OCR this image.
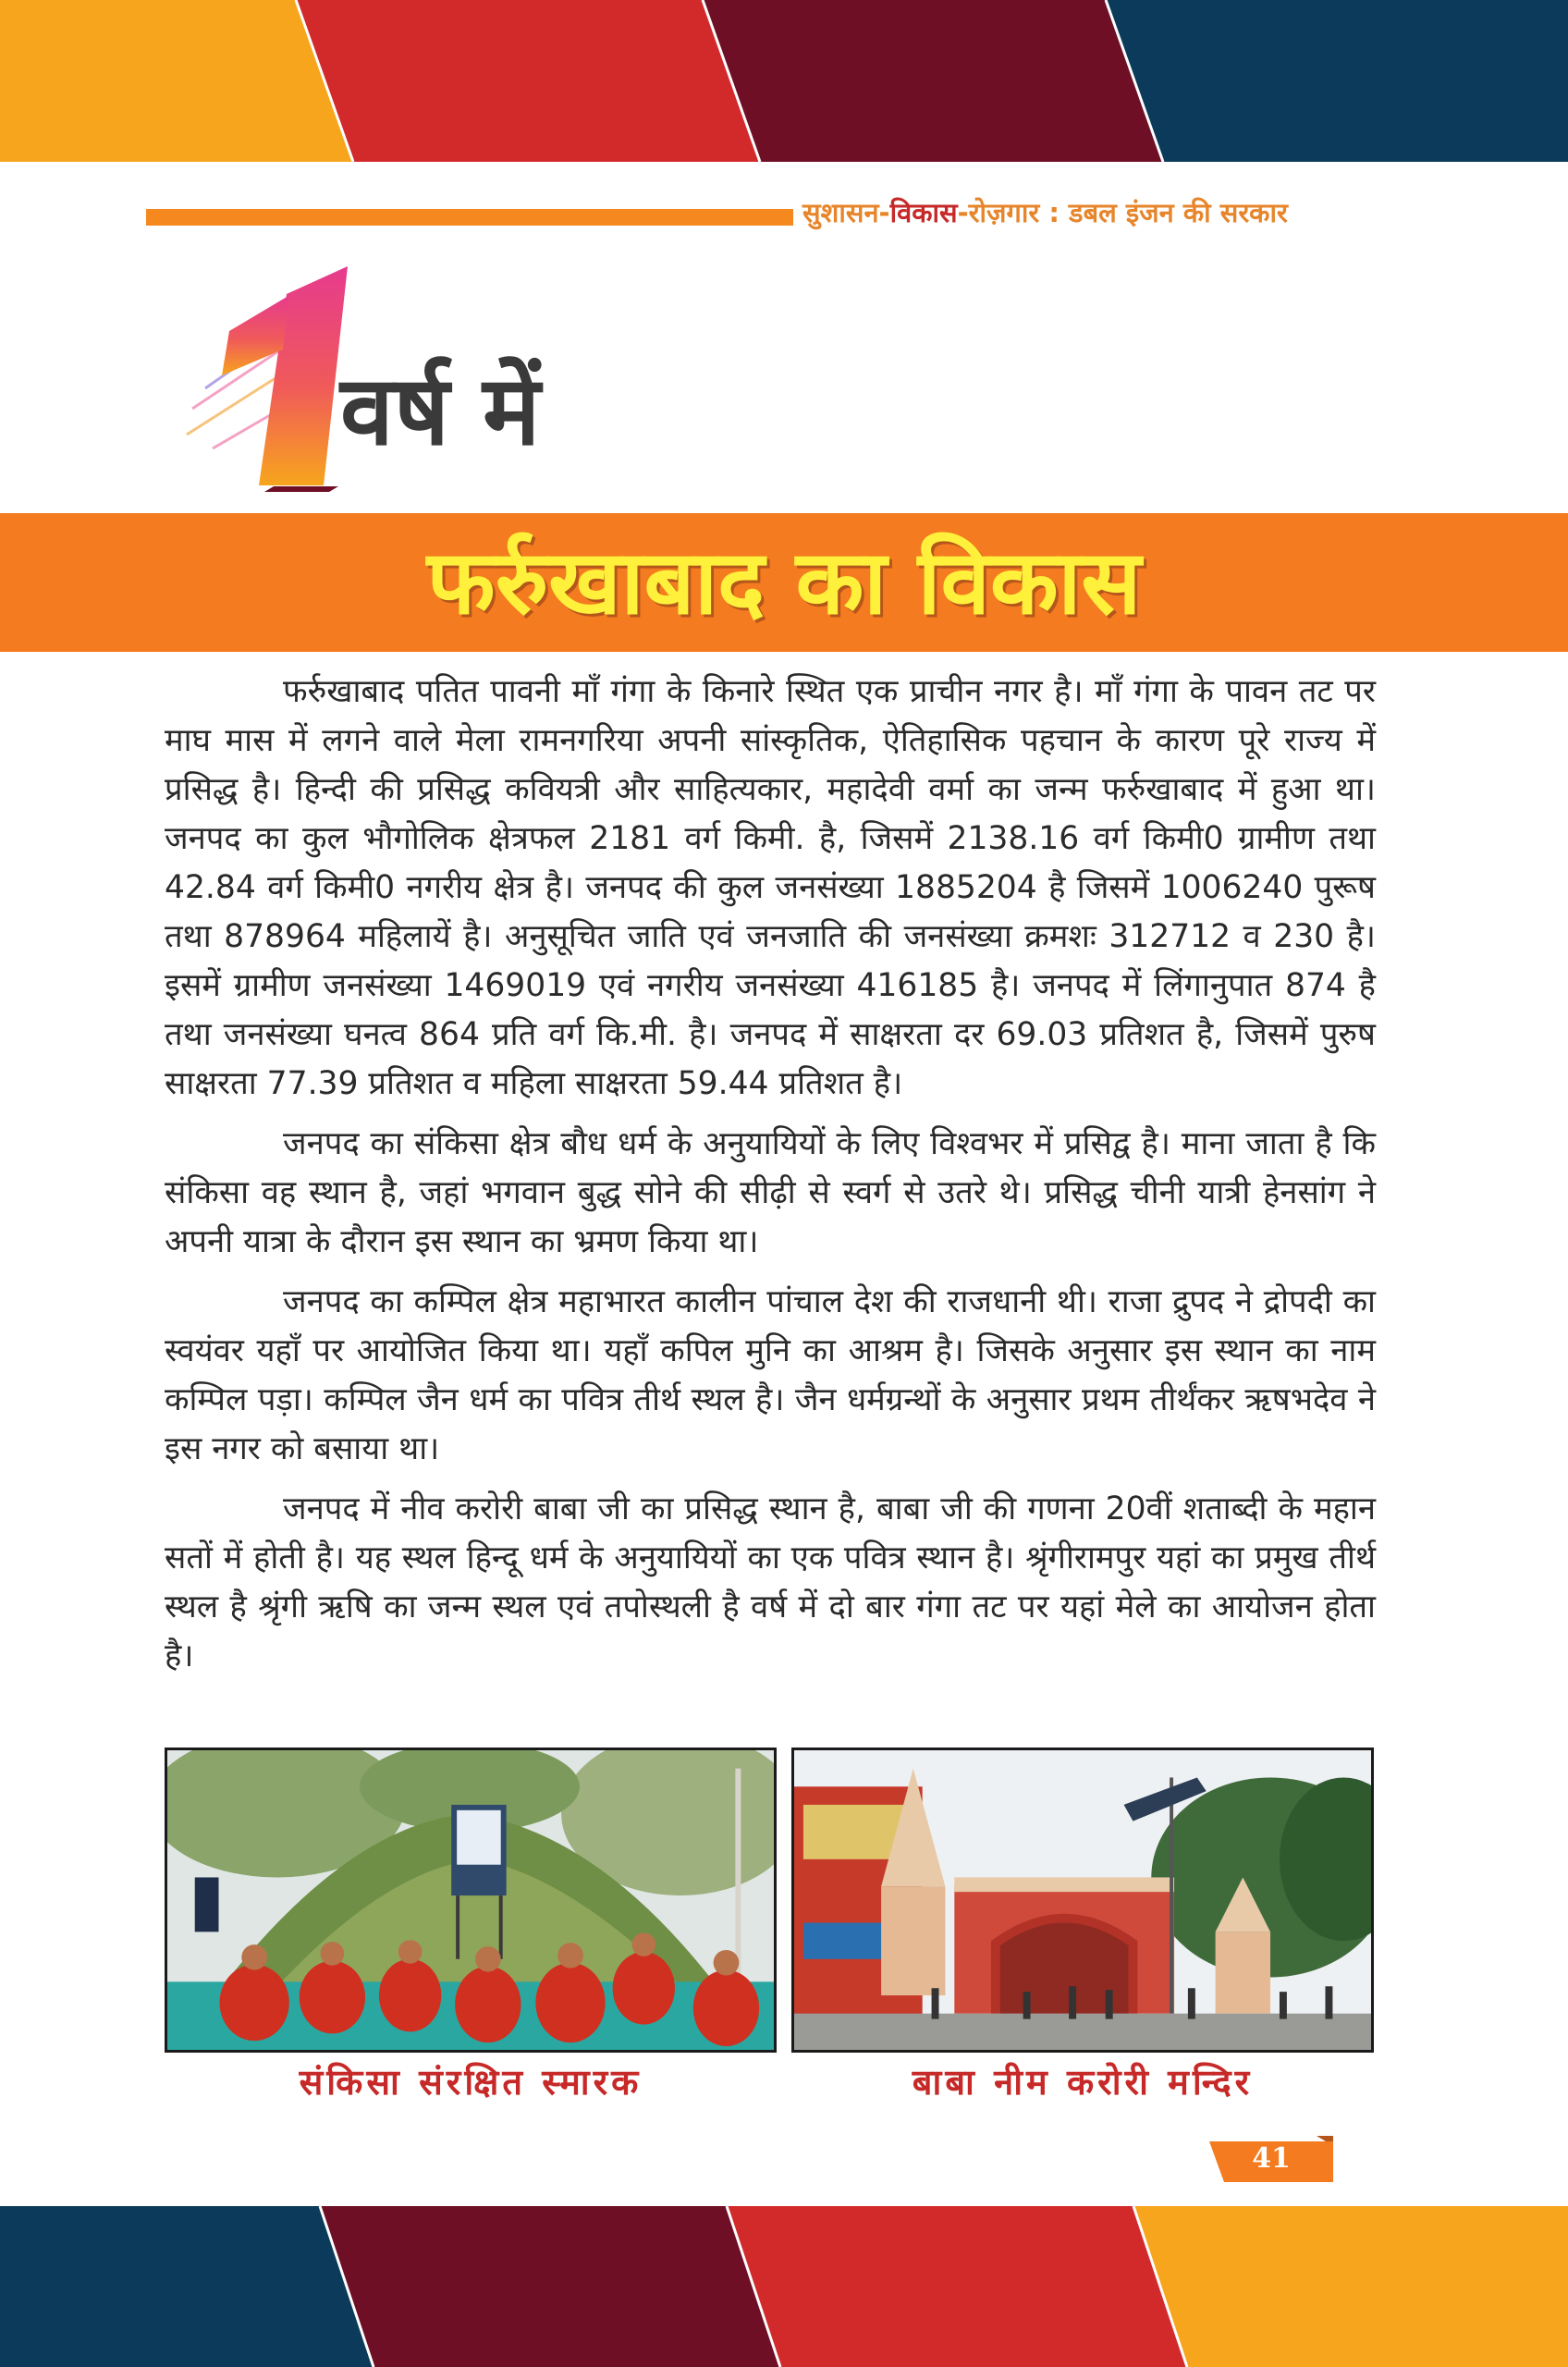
सुशासन-विकास-रोज़गार : डबल इंजन की सरकार
वर्ष में
फर्रुखाबाद का विकास

फर्रुखाबाद पतित पावनी माँ गंगा के किनारे स्थित एक प्राचीन नगर है। माँ गंगा के पावन तट पर माघ मास में लगने वाले मेला रामनगरिया अपनी सांस्कृतिक, ऐतिहासिक पहचान के कारण पूरे राज्य में प्रसिद्ध है। हिन्दी की प्रसिद्ध कवियत्री और साहित्यकार, महादेवी वर्मा का जन्म फर्रुखाबाद में हुआ था। जनपद का कुल भौगोलिक क्षेत्रफल 2181 वर्ग किमी. है, जिसमें 2138.16 वर्ग किमी0 ग्रामीण तथा 42.84 वर्ग किमी0 नगरीय क्षेत्र है। जनपद की कुल जनसंख्या 1885204 है जिसमें 1006240 पुरूष तथा 878964 महिलायें है। अनुसूचित जाति एवं जनजाति की जनसंख्या क्रमशः 312712 व 230 है। इसमें ग्रामीण जनसंख्या 1469019 एवं नगरीय जनसंख्या 416185 है। जनपद में लिंगानुपात 874 है तथा जनसंख्या घनत्व 864 प्रति वर्ग कि.मी. है। जनपद में साक्षरता दर 69.03 प्रतिशत है, जिसमें पुरुष साक्षरता 77.39 प्रतिशत व महिला साक्षरता 59.44 प्रतिशत है।

जनपद का संकिसा क्षेत्र बौध धर्म के अनुयायियों के लिए विश्वभर में प्रसिद्व है। माना जाता है कि संकिसा वह स्थान है, जहां भगवान बुद्ध सोने की सीढ़ी से स्वर्ग से उतरे थे। प्रसिद्ध चीनी यात्री हेनसांग ने अपनी यात्रा के दौरान इस स्थान का भ्रमण किया था।

जनपद का कम्पिल क्षेत्र महाभारत कालीन पांचाल देश की राजधानी थी। राजा द्रुपद ने द्रोपदी का स्वयंवर यहाँ पर आयोजित किया था। यहाँ कपिल मुनि का आश्रम है। जिसके अनुसार इस स्थान का नाम कम्पिल पड़ा। कम्पिल जैन धर्म का पवित्र तीर्थ स्थल है। जैन धर्मग्रन्थों के अनुसार प्रथम तीर्थंकर ऋषभदेव ने इस नगर को बसाया था।

जनपद में नीव करोरी बाबा जी का प्रसिद्ध स्थान है, बाबा जी की गणना 20वीं शताब्दी के महान सतों में होती है। यह स्थल हिन्दू धर्म के अनुयायियों का एक पवित्र स्थान है। श्रृंगीरामपुर यहां का प्रमुख तीर्थ स्थल है श्रृंगी ऋषि का जन्म स्थल एवं तपोस्थली है वर्ष में दो बार गंगा तट पर यहां मेले का आयोजन होता है।

संकिसा संरक्षित स्मारक	बाबा नीम करोरी मन्दिर
41
